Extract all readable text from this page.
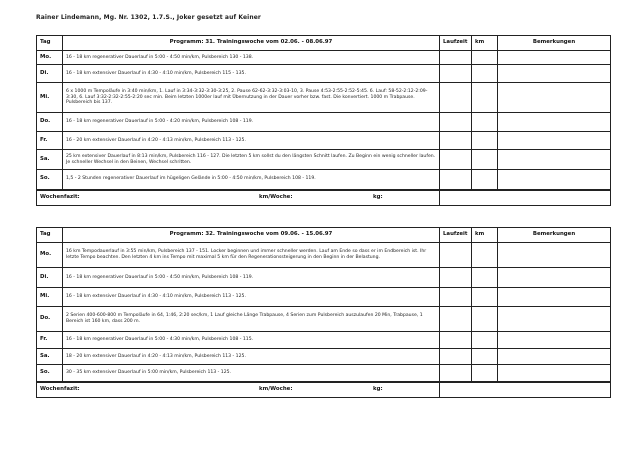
Rainer Lindemann, Mg. Nr. 1302, 1.7.S., Joker gesetzt auf Keiner
Tag	Programm: 31. Trainingswoche vom 02.06. - 08.06.97	Laufzeit	km	Bemerkungen
Mo.	16 - 18 km regenerativer Dauerlauf in 5:00 - 4:50 min/km, Pulsbereich 130 - 138.			
Di.	16 - 18 km extensiver Dauerlauf in 4:30 - 4:10 min/km, Pulsbereich 115 - 135.			
Mi.	6 x 1000 m Tempoläufe in 3:40 min/km, 1. Lauf in 3:34-3:32-3:30-3:25, 2. Pause 62-62-3:32-3:03-10, 3. Pause 4:53-2:55-2:52-5:45. 6. Lauf: 58-52-2:12-2:09-3:30, 6. Lauf 3:32-2:32-2:55-2:20 sec min. Beim letzten 1000er lauf mit Übernutzung in der Dauer vorher bzw. fast. Die konvertiert. 1000 m Trabpause. Pulsbereich bis 137.			
Do.	16 - 18 km regenerativer Dauerlauf in 5:00 - 4:20 min/km, Pulsbereich 108 - 119.			
Fr.	16 - 20 km extensiver Dauerlauf in 4:20 - 4:13 min/km, Pulsbereich 113 - 125.			
Sa.	25 km extensiver Dauerlauf in 8:13 min/km, Pulsbereich 116 - 127. Die letzten 5 km sollst du den längsten Schnitt laufen. Zu Beginn ein wenig schneller laufen. Je schneller Wechsel in den Beinen, Wechsel schritten.			
So.	1,5 - 2 Stunden regenerativer Dauerlauf im hügeligen Gelände in 5:00 - 4:50 min/km, Pulsbereich 108 - 119.			
Wochenfazit: km/Woche: kg:				

Tag	Programm: 32. Trainingswoche vom 09.06. - 15.06.97	Laufzeit	km	Bemerkungen
Mo.	16 km Tempodauerlauf in 3:55 min/km, Pulsbereich 137 - 151. Locker beginnen und immer schneller werden. Lauf am Ende so dass er im Endbereich ist. Ihr letzte Tempo beachten. Den letzten 4 km ins Tempo mit maximal 5 km für den Regenerationssteigerung in den Beginn in der Belastung.			
Di.	16 - 18 km regenerativer Dauerlauf in 5:00 - 4:50 min/km, Pulsbereich 108 - 119.			
Mi.	16 - 18 km extensiver Dauerlauf in 4:30 - 4:10 min/km, Pulsbereich 113 - 125.			
Do.	2 Serien 400-600-800 m Tempoläufe in 64, 1:46, 2:20 sec/km, 1 Lauf gleiche Länge Trabpause, 4 Serien zum Pulsbereich auszulaufen 20 Min, Trabpause, 1 Bereich ist 160 km, dass 200 m.			
Fr.	16 - 18 km regenerativer Dauerlauf in 5:00 - 4:30 min/km, Pulsbereich 108 - 115.			
Sa.	18 - 20 km extensiver Dauerlauf in 4:20 - 4:13 min/km, Pulsbereich 113 - 125.			
So.	30 - 35 km extensiver Dauerlauf in 5:00 min/km, Pulsbereich 113 - 125.			
Wochenfazit: km/Woche: kg:				
